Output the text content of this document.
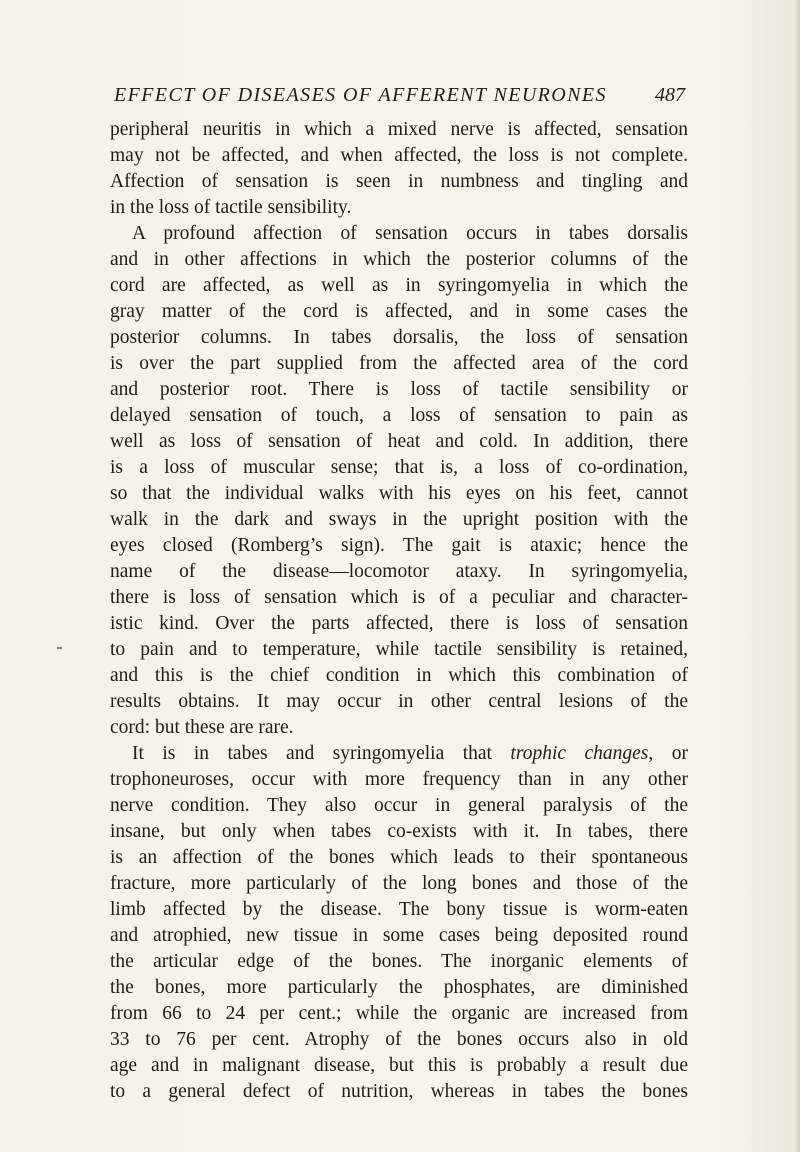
EFFECT OF DISEASES OF AFFERENT NEURONES 487
peripheral neuritis in which a mixed nerve is affected, sensation
may not be affected, and when affected, the loss is not complete.
Affection of sensation is seen in numbness and tingling and
in the loss of tactile sensibility.
A profound affection of sensation occurs in tabes dorsalis
and in other affections in which the posterior columns of the
cord are affected, as well as in syringomyelia in which the
gray matter of the cord is affected, and in some cases the
posterior columns. In tabes dorsalis, the loss of sensation
is over the part supplied from the affected area of the cord
and posterior root. There is loss of tactile sensibility or
delayed sensation of touch, a loss of sensation to pain as
well as loss of sensation of heat and cold. In addition, there
is a loss of muscular sense; that is, a loss of co-ordination,
so that the individual walks with his eyes on his feet, cannot
walk in the dark and sways in the upright position with the
eyes closed (Romberg’s sign). The gait is ataxic; hence the
name of the disease—locomotor ataxy. In syringomyelia,
there is loss of sensation which is of a peculiar and character-
istic kind. Over the parts affected, there is loss of sensation
to pain and to temperature, while tactile sensibility is retained,
and this is the chief condition in which this combination of
results obtains. It may occur in other central lesions of the
cord: but these are rare.
It is in tabes and syringomyelia that trophic changes, or
trophoneuroses, occur with more frequency than in any other
nerve condition. They also occur in general paralysis of the
insane, but only when tabes co-exists with it. In tabes, there
is an affection of the bones which leads to their spontaneous
fracture, more particularly of the long bones and those of the
limb affected by the disease. The bony tissue is worm-eaten
and atrophied, new tissue in some cases being deposited round
the articular edge of the bones. The inorganic elements of
the bones, more particularly the phosphates, are diminished
from 66 to 24 per cent.; while the organic are increased from
33 to 76 per cent. Atrophy of the bones occurs also in old
age and in malignant disease, but this is probably a result due
to a general defect of nutrition, whereas in tabes the bones
